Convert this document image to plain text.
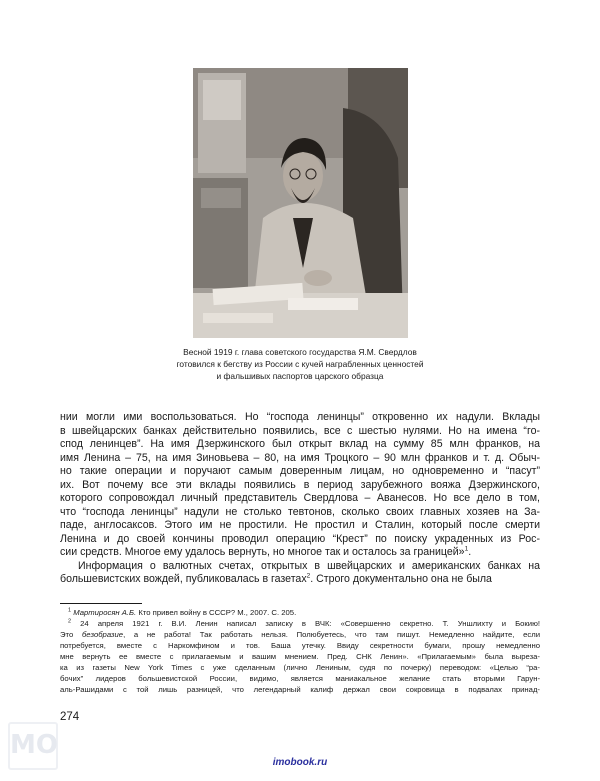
Весной 1919 г. глава советского государства Я.М. Свердлов
готовился к бегству из России с кучей награбленных ценностей
и фальшивых паспортов царского образца
нии могли ими воспользоваться. Но “господа ленинцы” откровенно их надули. Вклады
в швейцарских банках действительно появились, все с шестью нулями. Но на имена “го-
спод ленинцев”. На имя Дзержинского был открыт вклад на сумму 85 млн франков, на
имя Ленина – 75, на имя Зиновьева – 80, на имя Троцкого – 90 млн франков и т. д. Обыч-
но такие операции и поручают самым доверенным лицам, но одновременно и “пасут”
их. Вот почему все эти вклады появились в период зарубежного вояжа Дзержинского,
которого сопровождал личный представитель Свердлова – Аванесов. Но все дело в том,
что “господа ленинцы” надули не столько тевтонов, сколько своих главных хозяев на За-
паде, англосаксов. Этого им не простили. Не простил и Сталин, который после смерти
Ленина и до своей кончины проводил операцию “Крест” по поиску украденных из Рос-
сии средств. Многое ему удалось вернуть, но многое так и осталось за границей»$^1$.
Информация о валютных счетах, открытых в швейцарских и американских банках на
большевистских вождей, публиковалась в газетах$^2$. Строго документально она не была
$^1$ Мартиросян А.Б. Кто привел войну в СССР? М., 2007. С. 205.
$^2$ 24 апреля 1921 г. В.И. Ленин написал записку в ВЧК: «Совершенно секретно. Т. Уншлихту и Бокию!
Это безобразие, а не работа! Так работать нельзя. Полюбуетесь, что там пишут. Немедленно найдите, если
потребуется, вместе с Наркомфином и тов. Баша утечку. Ввиду секретности бумаги, прошу немедленно
мне вернуть ее вместе с прилагаемым и вашим мнением. Пред. СНК Ленин». «Прилагаемым» была выреза-
ка из газеты New York Times с уже сделанным (лично Лениным, судя по почерку) переводом: «Целью “ра-
бочих” лидеров большевистской России, видимо, является маниакальное желание стать вторыми Гарун-
аль-Рашидами с той лишь разницей, что легендарный калиф держал свои сокровища в подвалах принад-
274
MO
imobook.ru
